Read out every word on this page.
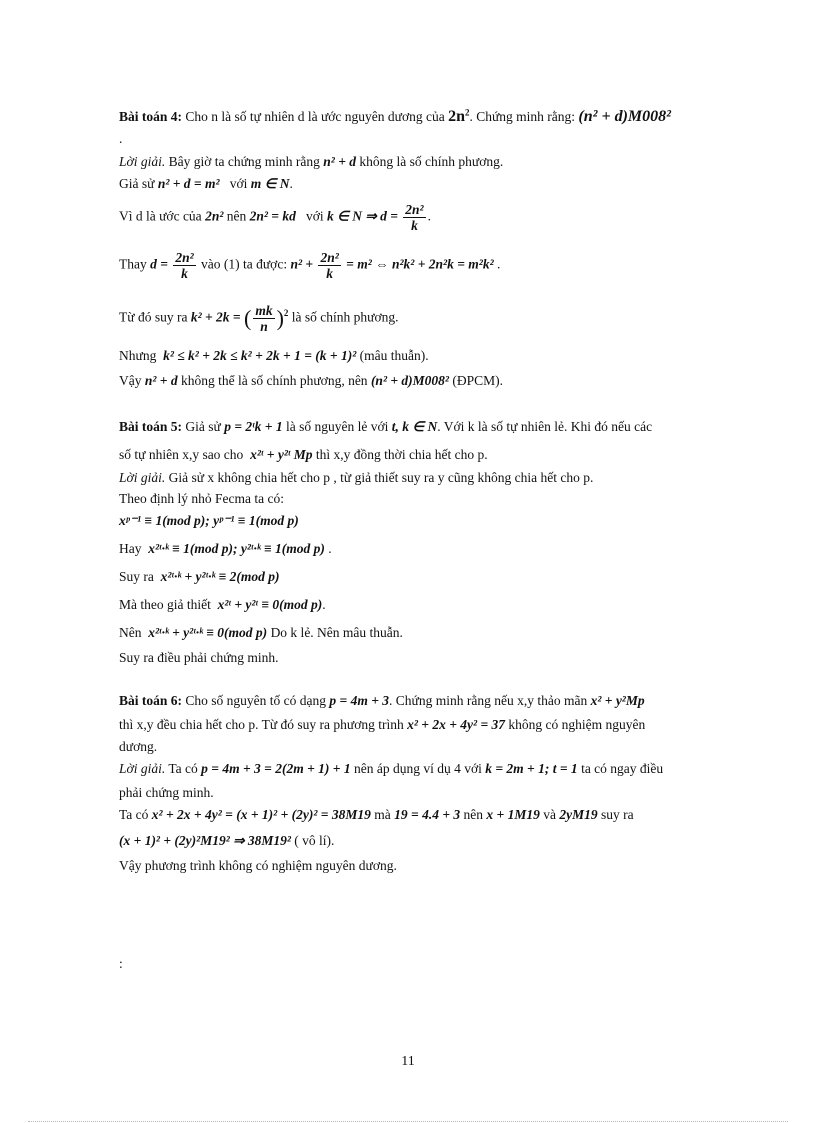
Bài toán 4: Cho n là số tự nhiên d là ước nguyên dương của $2n^2$. Chứng minh rằng: (n² + d)M008²
.
Lời giải. Bây giờ ta chứng minh rằng n² + d không là số chính phương.
Giả sử n² + d = m² với m ∈ N.
Vì d là ước của 2n² nên 2n² = kd với k ∈ N ⇒ $d = \frac{\text{2n²}}{k}$ .
Thay $d = \frac{\text{2n²}}{k}$ vào (1) ta được: $n^2 + \frac{\text{2n²}}{k} = m^2$ ⇔ n²k² + 2n²k = m²k² .
Từ đó suy ra k² + 2k = ( $\frac{mk}{n} )^2$ là số chính phương.
Nhưng k² ≤ k² + 2k ≤ k² + 2k + 1 = (k + 1)² (mâu thuẫn).
Vậy n² + d không thể là số chính phương, nên (n² + d)M008² (ĐPCM).
Bài toán 5: Giả sử p = 2ᵗk + 1 là số nguyên lẻ với t, k ∈ N. Với k là số tự nhiên lẻ. Khi đó nếu các
số tự nhiên x,y sao cho x²ᵗ + y²ᵗ Mp thì x,y đồng thời chia hết cho p.
Lời giải. Giả sử x không chia hết cho p , từ giả thiết suy ra y cũng không chia hết cho p.
Theo định lý nhỏ Fecma ta có:
xᵖ⁻¹ ≡ 1(mod p); yᵖ⁻¹ ≡ 1(mod p)
Hay x²ᵗ·ᵏ ≡ 1(mod p); y²ᵗ·ᵏ ≡ 1(mod p) .
Suy ra x²ᵗ·ᵏ + y²ᵗ·ᵏ ≡ 2(mod p)
Mà theo giả thiết x²ᵗ + y²ᵗ ≡ 0(mod p).
Nên x²ᵗ·ᵏ + y²ᵗ·ᵏ ≡ 0(mod p) Do k lẻ. Nên mâu thuẫn.
Suy ra điều phải chứng minh.
Bài toán 6: Cho số nguyên tố có dạng p = 4m + 3. Chứng minh rằng nếu x,y thảo mãn x² + y²Mp
thì x,y đều chia hết cho p. Từ đó suy ra phương trình x² + 2x + 4y² = 37 không có nghiệm nguyên
dương.
Lời giải. Ta có p = 4m + 3 = 2(2m + 1) + 1 nên áp dụng ví dụ 4 với k = 2m + 1; t = 1 ta có ngay điều
phải chứng minh.
Ta có x² + 2x + 4y² = (x + 1)² + (2y)² = 38M19 mà 19 = 4.4 + 3 nên x + 1M19 và 2yM19 suy ra
(x + 1)² + (2y)²M19² ⇒ 38M19² ( vô lí).
Vậy phương trình không có nghiệm nguyên dương.
:
11
